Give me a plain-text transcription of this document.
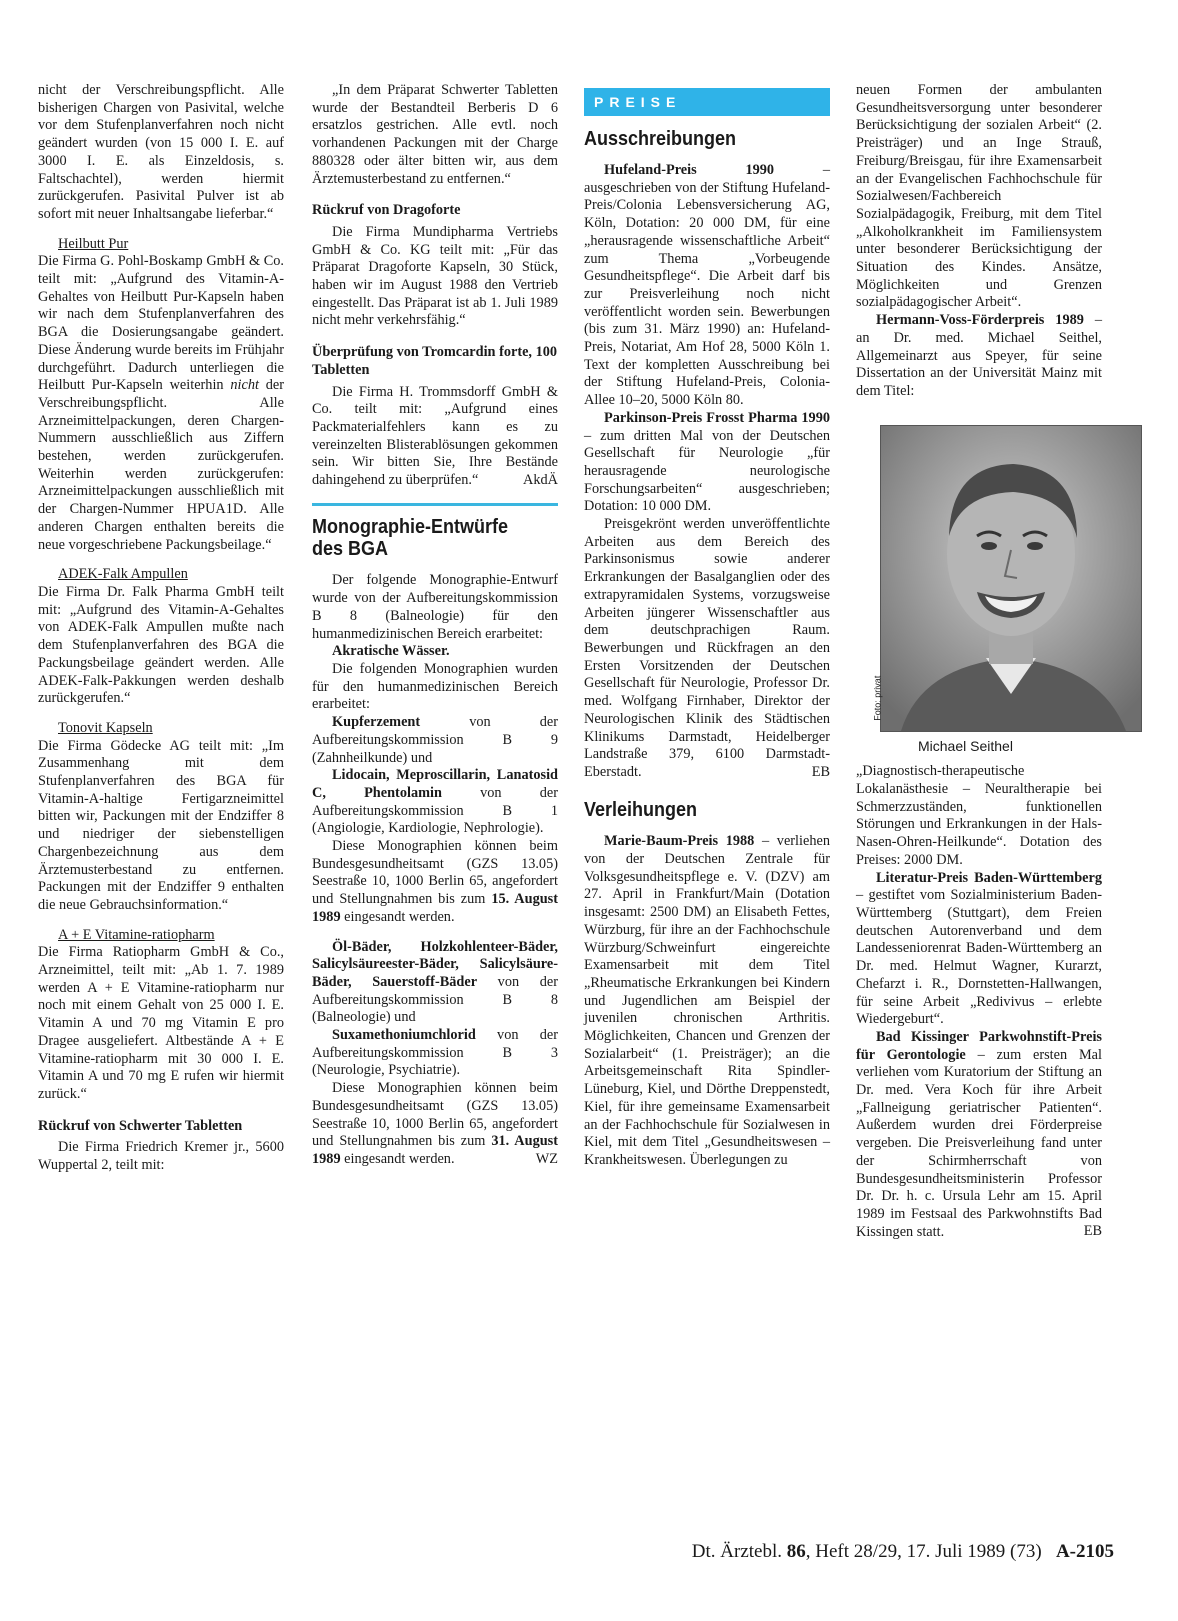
nicht der Verschreibungspflicht. Alle bisherigen Chargen von Pasivital, welche vor dem Stufenplanverfahren noch nicht geändert wurden (von 15 000 I. E. auf 3000 I. E. als Einzeldosis, s. Faltschachtel), werden hiermit zurückgerufen. Pasivital Pulver ist ab sofort mit neuer Inhaltsangabe lieferbar.“

Heilbutt Pur

Die Firma G. Pohl-Boskamp GmbH & Co. teilt mit: „Aufgrund des Vitamin-A-Gehaltes von Heilbutt Pur-Kapseln haben wir nach dem Stufenplanverfahren des BGA die Dosierungsangabe geändert. Diese Änderung wurde bereits im Frühjahr durchgeführt. Dadurch unterliegen die Heilbutt Pur-Kapseln weiterhin nicht der Verschreibungspflicht. Alle Arzneimittelpackungen, deren Chargen-Nummern ausschließlich aus Ziffern bestehen, werden zurückgerufen. Weiterhin werden zurückgerufen: Arzneimittelpackungen ausschließlich mit der Chargen-Nummer HPUA1D. Alle anderen Chargen enthalten bereits die neue vorgeschriebene Packungsbeilage.“

ADEK-Falk Ampullen

Die Firma Dr. Falk Pharma GmbH teilt mit: „Aufgrund des Vitamin-A-Gehaltes von ADEK-Falk Ampullen mußte nach dem Stufenplanverfahren des BGA die Packungsbeilage geändert werden. Alle ADEK-Falk-Pakkungen werden deshalb zurückgerufen.“

Tonovit Kapseln

Die Firma Gödecke AG teilt mit: „Im Zusammenhang mit dem Stufenplanverfahren des BGA für Vitamin-A-haltige Fertigarzneimittel bitten wir, Packungen mit der Endziffer 8 und niedriger der siebenstelligen Chargenbezeichnung aus dem Ärztemusterbestand zu entfernen. Packungen mit der Endziffer 9 enthalten die neue Gebrauchsinformation.“

A + E Vitamine-ratiopharm

Die Firma Ratiopharm GmbH & Co., Arzneimittel, teilt mit: „Ab 1. 7. 1989 werden A + E Vitamine-ratiopharm nur noch mit einem Gehalt von 25 000 I. E. Vitamin A und 70 mg Vitamin E pro Dragee ausgeliefert. Altbestände A + E Vitamine-ratiopharm mit 30 000 I. E. Vitamin A und 70 mg E rufen wir hiermit zurück.“

Rückruf von Schwerter Tabletten

Die Firma Friedrich Kremer jr., 5600 Wuppertal 2, teilt mit:

„In dem Präparat Schwerter Tabletten wurde der Bestandteil Berberis D 6 ersatzlos gestrichen. Alle evtl. noch vorhandenen Packungen mit der Charge 880328 oder älter bitten wir, aus dem Ärztemusterbestand zu entfernen.“

Rückruf von Dragoforte

Die Firma Mundipharma Vertriebs GmbH & Co. KG teilt mit: „Für das Präparat Dragoforte Kapseln, 30 Stück, haben wir im August 1988 den Vertrieb eingestellt. Das Präparat ist ab 1. Juli 1989 nicht mehr verkehrsfähig.“

Überprüfung von Tromcardin forte, 100 Tabletten

Die Firma H. Trommsdorff GmbH & Co. teilt mit: „Aufgrund eines Packmaterialfehlers kann es zu vereinzelten Blisterablösungen gekommen sein. Wir bitten Sie, Ihre Bestände dahingehend zu überprüfen.“	AkdÄ
Monographie-Entwürfe des BGA

Der folgende Monographie-Entwurf wurde von der Aufbereitungskommission B 8 (Balneologie) für den humanmedizinischen Bereich erarbeitet:

Akratische Wässer.

Die folgenden Monographien wurden für den humanmedizinischen Bereich erarbeitet:

Kupferzement	von der Aufbereitungskommission B 9 (Zahnheilkunde) und

Lidocain, Meproscillarin, Lanatosid C, Phentolamin	von der Aufbereitungskommission B 1 (Angiologie, Kardiologie, Nephrologie).

Diese Monographien können beim Bundesgesundheitsamt (GZS 13.05) Seestraße 10, 1000 Berlin 65, angefordert und Stellungnahmen bis zum 15. August 1989 eingesandt werden.

Öl-Bäder, Holzkohlenteer-Bäder, Salicylsäureester-Bäder, Salicylsäure-Bäder, Sauerstoff-Bäder von der Aufbereitungskommission B 8 (Balneologie) und

Suxamethoniumchlorid von der Aufbereitungskommission B 3 (Neurologie, Psychiatrie).

Diese Monographien können beim Bundesgesundheitsamt (GZS 13.05) Seestraße 10, 1000 Berlin 65, angefordert und Stellungnahmen bis zum 31. August 1989 eingesandt werden.	WZ
PREISE
Ausschreibungen

Hufeland-Preis 1990	– ausgeschrieben von der Stiftung Hufeland-Preis/Colonia Lebensversicherung AG, Köln, Dotation: 20 000 DM, für eine „herausragende wissenschaftliche Arbeit“ zum Thema „Vorbeugende Gesundheitspflege“. Die Arbeit darf bis zur Preisverleihung noch nicht veröffentlicht worden sein. Bewerbungen (bis zum 31. März 1990) an: Hufeland-Preis, Notariat, Am Hof 28, 5000 Köln 1. Text der kompletten Ausschreibung bei der Stiftung Hufeland-Preis, Colonia-Allee 10–20, 5000 Köln 80.

Parkinson-Preis Frosst Pharma 1990 – zum dritten Mal von der Deutschen Gesellschaft für Neurologie „für herausragende neurologische Forschungsarbeiten“ ausgeschrieben; Dotation: 10 000 DM.

Preisgekrönt werden unveröffentlichte Arbeiten aus dem Bereich des Parkinsonismus sowie anderer Erkrankungen der Basalganglien oder des extrapyramidalen Systems, vorzugsweise Arbeiten jüngerer Wissenschaftler aus dem deutschprachigen Raum. Bewerbungen und Rückfragen an den Ersten Vorsitzenden der Deutschen Gesellschaft für Neurologie, Professor Dr. med. Wolfgang Firnhaber, Direktor der Neurologischen Klinik des Städtischen Klinikums Darmstadt, Heidelberger Landstraße 379, 6100 Darmstadt-Eberstadt.	EB
Verleihungen

Marie-Baum-Preis 1988 – verliehen von der Deutschen Zentrale für Volksgesundheitspflege e. V. (DZV) am 27. April in Frankfurt/Main (Dotation insgesamt: 2500 DM) an Elisabeth Fettes, Würzburg, für ihre an der Fachhochschule Würzburg/Schweinfurt eingereichte Examensarbeit mit dem Titel „Rheumatische Erkrankungen bei Kindern und Jugendlichen am Beispiel der juvenilen chronischen Arthritis. Möglichkeiten, Chancen und Grenzen der Sozialarbeit“ (1. Preisträger); an die Arbeitsgemeinschaft Rita Spindler-Lüneburg, Kiel, und Dörthe Dreppenstedt, Kiel, für ihre gemeinsame Examensarbeit an der Fachhochschule für Sozialwesen in Kiel, mit dem Titel „Gesundheitswesen – Krankheitswesen. Überlegungen zu

neuen Formen der ambulanten Gesundheitsversorgung unter besonderer Berücksichtigung der sozialen Arbeit“ (2. Preisträger) und an Inge Strauß, Freiburg/Breisgau, für ihre Examensarbeit an der Evangelischen Fachhochschule für Sozialwesen/Fachbereich Sozialpädagogik, Freiburg, mit dem Titel „Alkoholkrankheit im Familiensystem unter besonderer Berücksichtigung der Situation des Kindes. Ansätze, Möglichkeiten und Grenzen sozialpädagogischer Arbeit“.

Hermann-Voss-Förderpreis 1989 – an Dr. med. Michael Seithel, Allgemeinarzt aus Speyer, für seine Dissertation an der Universität Mainz mit dem Titel:

Foto: privat
Michael Seithel

„Diagnostisch-therapeutische Lokalanästhesie – Neuraltherapie bei Schmerzzuständen, funktionellen Störungen und Erkrankungen in der Hals-Nasen-Ohren-Heilkunde“. Dotation des Preises: 2000 DM.

Literatur-Preis Baden-Württemberg – gestiftet vom Sozialministerium Baden-Württemberg (Stuttgart), dem Freien deutschen Autorenverband und dem Landesseniorenrat Baden-Württemberg an Dr. med. Helmut Wagner, Kurarzt, Chefarzt i. R., Dornstetten-Hallwangen, für seine Arbeit „Redivivus – erlebte Wiedergeburt“.

Bad Kissinger Parkwohnstift-Preis für Gerontologie – zum ersten Mal verliehen vom Kuratorium der Stiftung an Dr. med. Vera Koch für ihre Arbeit „Fallneigung geriatrischer Patienten“. Außerdem wurden drei Förderpreise vergeben. Die Preisverleihung fand unter der Schirmherrschaft von Bundesgesundheitsministerin Professor Dr. Dr. h. c. Ursula Lehr am 15. April 1989 im Festsaal des Parkwohnstifts Bad Kissingen statt.	EB
Dt. Ärztebl. 86, Heft 28/29, 17. Juli 1989 (73) A-2105
